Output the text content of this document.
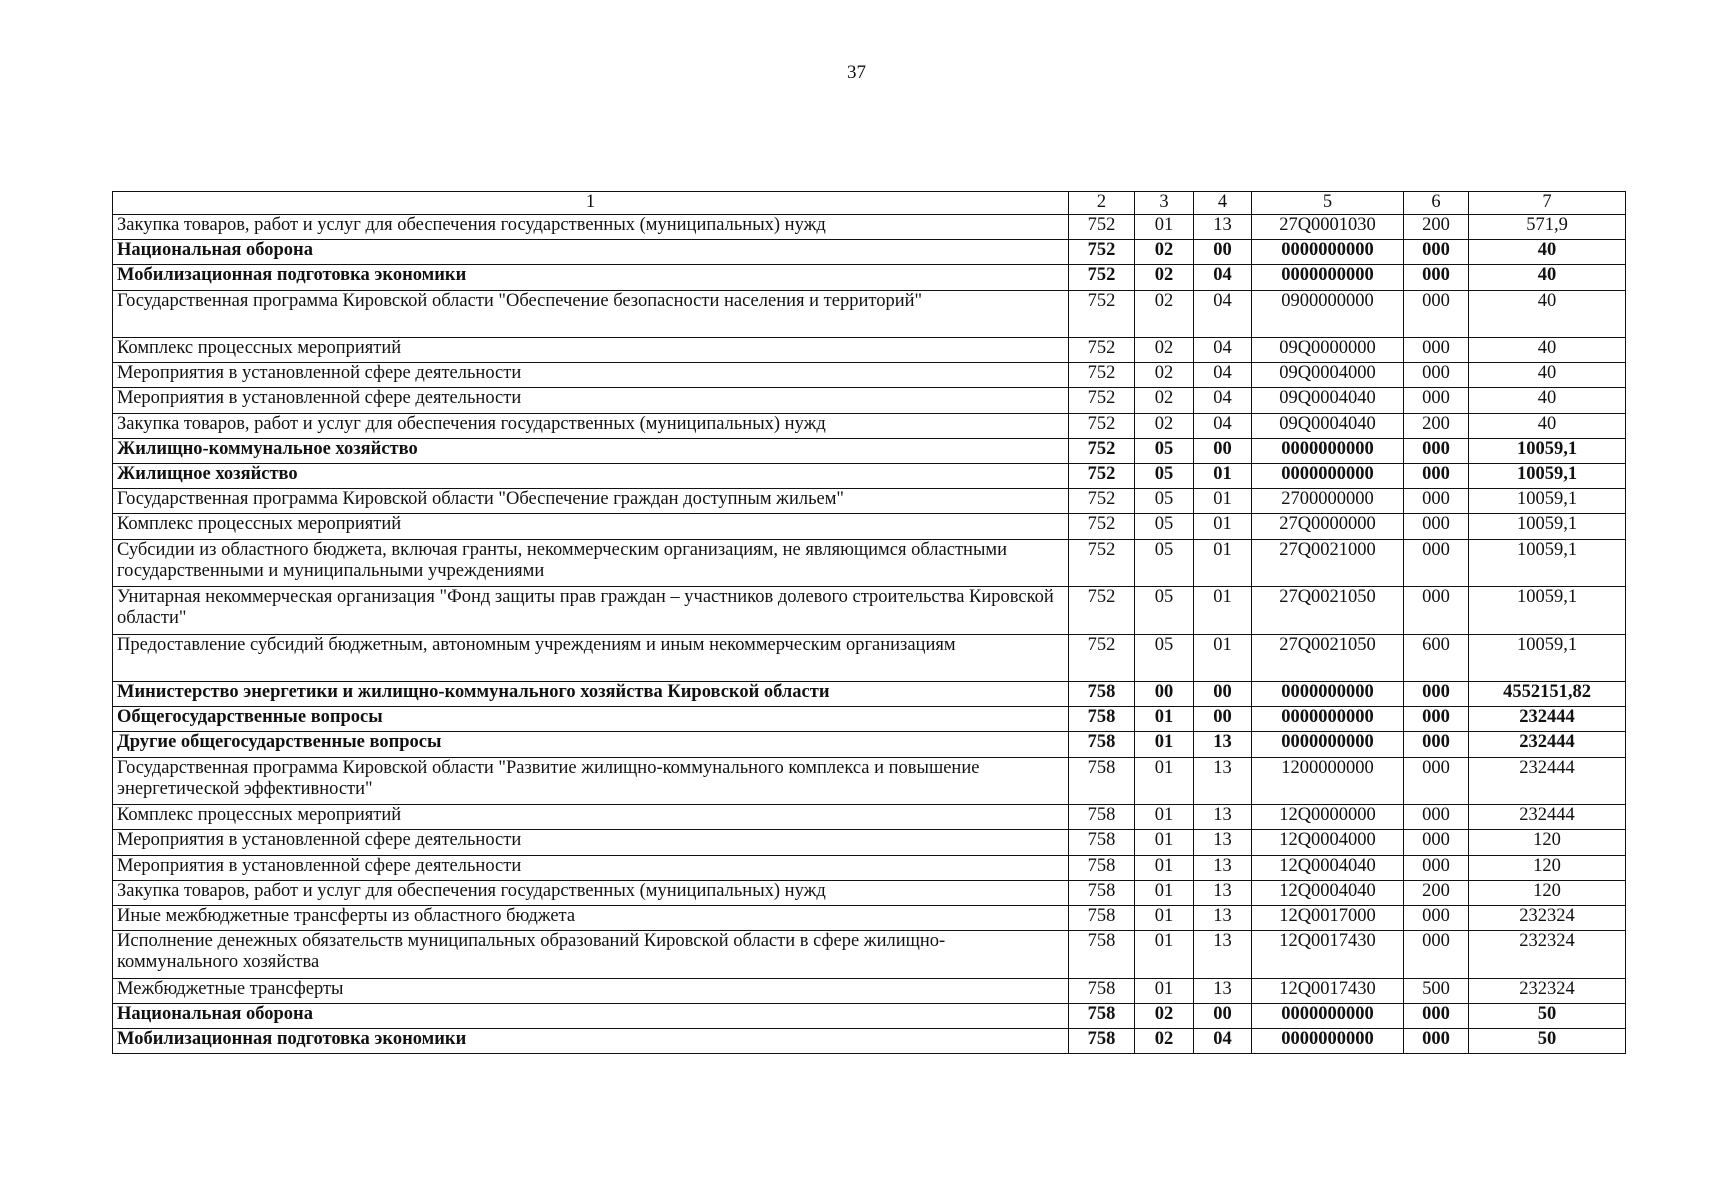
37
1	2	3	4	5	6	7
Закупка товаров, работ и услуг для обеспечения государственных (муниципальных) нужд	752	01	13	27Q0001030	200	571,9
Национальная оборона	752	02	00	0000000000	000	40
Мобилизационная подготовка экономики	752	02	04	0000000000	000	40
Государственная программа Кировской области "Обеспечение безопасности населения и территорий"	752	02	04	0900000000	000	40
Комплекс процессных мероприятий	752	02	04	09Q0000000	000	40
Мероприятия в установленной сфере деятельности	752	02	04	09Q0004000	000	40
Мероприятия в установленной сфере деятельности	752	02	04	09Q0004040	000	40
Закупка товаров, работ и услуг для обеспечения государственных (муниципальных) нужд	752	02	04	09Q0004040	200	40
Жилищно-коммунальное хозяйство	752	05	00	0000000000	000	10059,1
Жилищное хозяйство	752	05	01	0000000000	000	10059,1
Государственная программа Кировской области "Обеспечение граждан доступным жильем"	752	05	01	2700000000	000	10059,1
Комплекс процессных мероприятий	752	05	01	27Q0000000	000	10059,1
Субсидии из областного бюджета, включая гранты, некоммерческим организациям, не являющимся областными государственными и муниципальными учреждениями	752	05	01	27Q0021000	000	10059,1
Унитарная некоммерческая организация "Фонд защиты прав граждан – участников долевого строительства Кировской области"	752	05	01	27Q0021050	000	10059,1
Предоставление субсидий бюджетным, автономным учреждениям и иным некоммерческим организациям	752	05	01	27Q0021050	600	10059,1
Министерство энергетики и жилищно-коммунального хозяйства Кировской области	758	00	00	0000000000	000	4552151,82
Общегосударственные вопросы	758	01	00	0000000000	000	232444
Другие общегосударственные вопросы	758	01	13	0000000000	000	232444
Государственная программа Кировской области "Развитие жилищно-коммунального комплекса и повышение энергетической эффективности"	758	01	13	1200000000	000	232444
Комплекс процессных мероприятий	758	01	13	12Q0000000	000	232444
Мероприятия в установленной сфере деятельности	758	01	13	12Q0004000	000	120
Мероприятия в установленной сфере деятельности	758	01	13	12Q0004040	000	120
Закупка товаров, работ и услуг для обеспечения государственных (муниципальных) нужд	758	01	13	12Q0004040	200	120
Иные межбюджетные трансферты из областного бюджета	758	01	13	12Q0017000	000	232324
Исполнение денежных обязательств муниципальных образований Кировской области в сфере жилищно-коммунального хозяйства	758	01	13	12Q0017430	000	232324
Межбюджетные трансферты	758	01	13	12Q0017430	500	232324
Национальная оборона	758	02	00	0000000000	000	50
Мобилизационная подготовка экономики	758	02	04	0000000000	000	50
